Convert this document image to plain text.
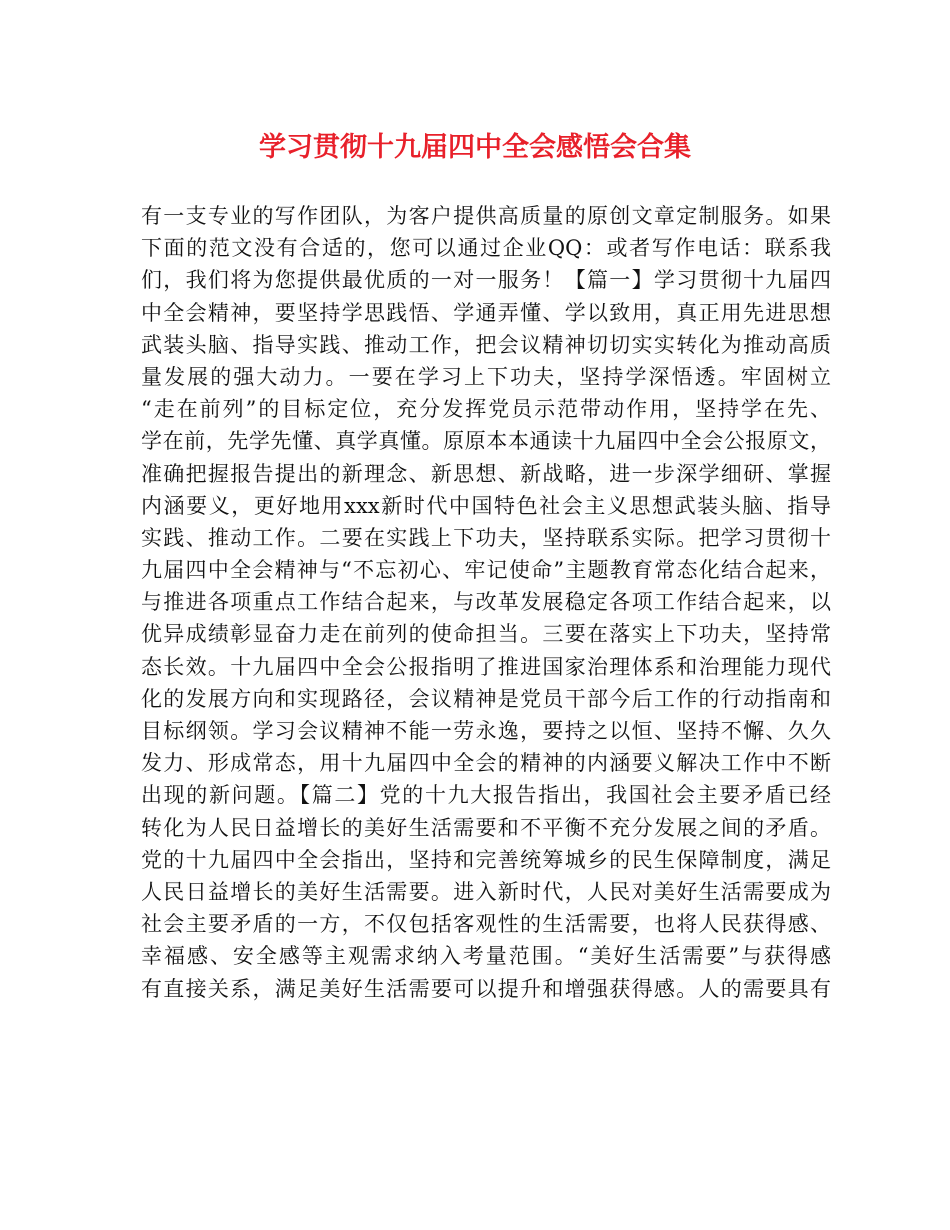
学习贯彻十九届四中全会感悟会合集
有一支专业的写作团队，为客户提供高质量的原创文章定制服务。如果
下面的范文没有合适的，您可以通过企业QQ：或者写作电话：联系我
们，我们将为您提供最优质的一对一服务！【篇一】学习贯彻十九届四
中全会精神，要坚持学思践悟、学通弄懂、学以致用，真正用先进思想
武装头脑、指导实践、推动工作，把会议精神切切实实转化为推动高质
量发展的强大动力。一要在学习上下功夫，坚持学深悟透。牢固树立
“走在前列”的目标定位，充分发挥党员示范带动作用，坚持学在先、
学在前，先学先懂、真学真懂。原原本本通读十九届四中全会公报原文，
准确把握报告提出的新理念、新思想、新战略，进一步深学细研、掌握
内涵要义，更好地用xxx新时代中国特色社会主义思想武装头脑、指导
实践、推动工作。二要在实践上下功夫，坚持联系实际。把学习贯彻十
九届四中全会精神与“不忘初心、牢记使命”主题教育常态化结合起来，
与推进各项重点工作结合起来，与改革发展稳定各项工作结合起来，以
优异成绩彰显奋力走在前列的使命担当。三要在落实上下功夫，坚持常
态长效。十九届四中全会公报指明了推进国家治理体系和治理能力现代
化的发展方向和实现路径，会议精神是党员干部今后工作的行动指南和
目标纲领。学习会议精神不能一劳永逸，要持之以恒、坚持不懈、久久
发力、形成常态，用十九届四中全会的精神的内涵要义解决工作中不断
出现的新问题。【篇二】党的十九大报告指出，我国社会主要矛盾已经
转化为人民日益增长的美好生活需要和不平衡不充分发展之间的矛盾。
党的十九届四中全会指出，坚持和完善统筹城乡的民生保障制度，满足
人民日益增长的美好生活需要。进入新时代，人民对美好生活需要成为
社会主要矛盾的一方，不仅包括客观性的生活需要，也将人民获得感、
幸福感、安全感等主观需求纳入考量范围。“美好生活需要”与获得感
有直接关系，满足美好生活需要可以提升和增强获得感。人的需要具有
